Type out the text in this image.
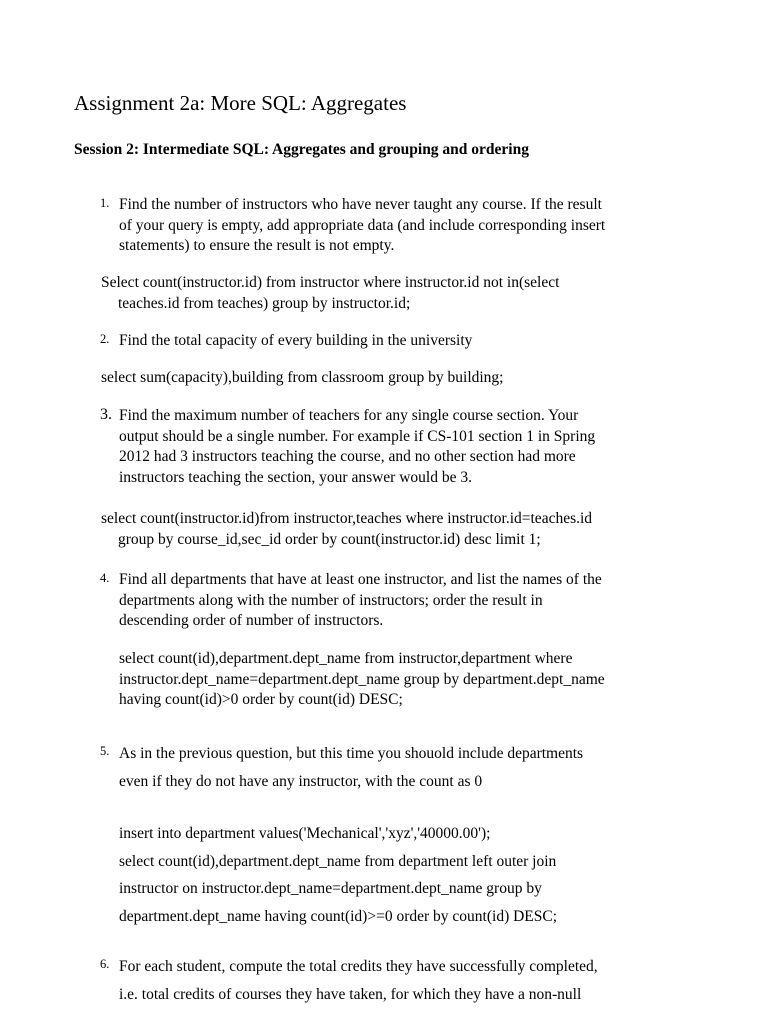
Assignment 2a: More SQL: Aggregates
Session 2: Intermediate SQL: Aggregates and grouping and ordering
1. Find the number of instructors who have never taught any course. If the result
of your query is empty, add appropriate data (and include corresponding insert
statements) to ensure the result is not empty.
Select count(instructor.id) from instructor where instructor.id not in(select
teaches.id from teaches) group by instructor.id;
2. Find the total capacity of every building in the university
select sum(capacity),building from classroom group by building;
3. Find the maximum number of teachers for any single course section. Your
output should be a single number. For example if CS-101 section 1 in Spring
2012 had 3 instructors teaching the course, and no other section had more
instructors teaching the section, your answer would be 3.
select count(instructor.id)from instructor,teaches where instructor.id=teaches.id
group by course_id,sec_id order by count(instructor.id) desc limit 1;
4. Find all departments that have at least one instructor, and list the names of the
departments along with the number of instructors; order the result in
descending order of number of instructors.
select count(id),department.dept_name from instructor,department where
instructor.dept_name=department.dept_name group by department.dept_name
having count(id)>0 order by count(id) DESC;
5. As in the previous question, but this time you shouold include departments
even if they do not have any instructor, with the count as 0
insert into department values('Mechanical','xyz','40000.00');
select count(id),department.dept_name from department left outer join
instructor on instructor.dept_name=department.dept_name group by
department.dept_name having count(id)>=0 order by count(id) DESC;
6. For each student, compute the total credits they have successfully completed,
i.e. total credits of courses they have taken, for which they have a non-null
